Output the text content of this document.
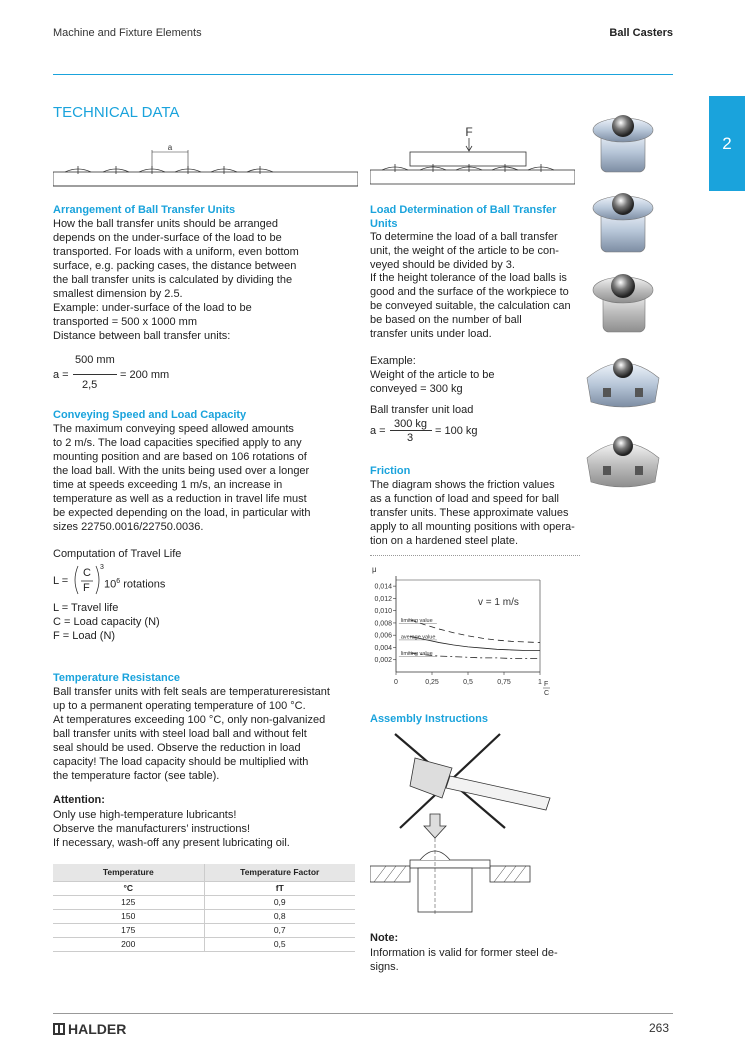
Machine and Fixture Elements	Ball Casters
2
TECHNICAL DATA
a
Arrangement of Ball Transfer Units
How the ball transfer units should be arranged
depends on the under-surface of the load to be
transported. For loads with a uniform, even bottom
surface, e.g. packing cases, the distance between
the ball transfer units is calculated by dividing the
smallest dimension by 2.5.
Example: under-surface of the load to be
transported = 500 x 1000 mm
Distance between ball transfer units:
500 mm
a =	= 200 mm
2,5
Conveying Speed and Load Capacity
The maximum conveying speed allowed amounts
to 2 m/s. The load capacities specified apply to any
mounting position and are based on 106 rotations of
the load ball. With the units being used over a longer
time at speeds exceeding 1 m/s, an increase in
temperature as well as a reduction in travel life must
be expected depending on the load, in particular with
sizes 22750.0016/22750.0036.
Computation of Travel Life
L =
C
F
3
$10^6$ rotations
L = Travel life
C = Load capacity (N)
F = Load (N)
Temperature Resistance
Ball transfer units with felt seals are temperatureresistant
up to a permanent operating temperature of 100 °C.
At temperatures exceeding 100 °C, only non-galvanized
ball transfer units with steel load ball and without felt
seal should be used. Observe the reduction in load
capacity! The load capacity should be multiplied with
the temperature factor (see table).
Attention:
Only use high-temperature lubricants!
Observe the manufacturers’ instructions!
If necessary, wash-off any present lubricating oil.
Temperature	Temperature Factor
°C	fT
125	0,9
150	0,8
175	0,7
200	0,5
F
Load Determination of Ball Transfer
Units
To determine the load of a ball transfer
unit, the weight of the article to be con-
veyed should be divided by 3.
If the height tolerance of the load balls is
good and the surface of the workpiece to
be conveyed suitable, the calculation can
be based on the number of ball
transfer units under load.
Example:
Weight of the article to be
conveyed = 300 kg
Ball transfer unit load
300 kg
a =	= 100 kg
3
Friction
The diagram shows the friction values
as a function of load and speed for ball
transfer units. These approximate values
apply to all mounting positions with opera-
tion on a hardened steel plate.
0,002
0,004
0,006
0,008
0,010
0,012
0,014
0	0,25	0,5	0,75	1
limiting value
average value
limiting value
μ
v = 1 m/s
F
C
Assembly Instructions
Note:
Information is valid for former steel de-
signs.
HALDER	263
